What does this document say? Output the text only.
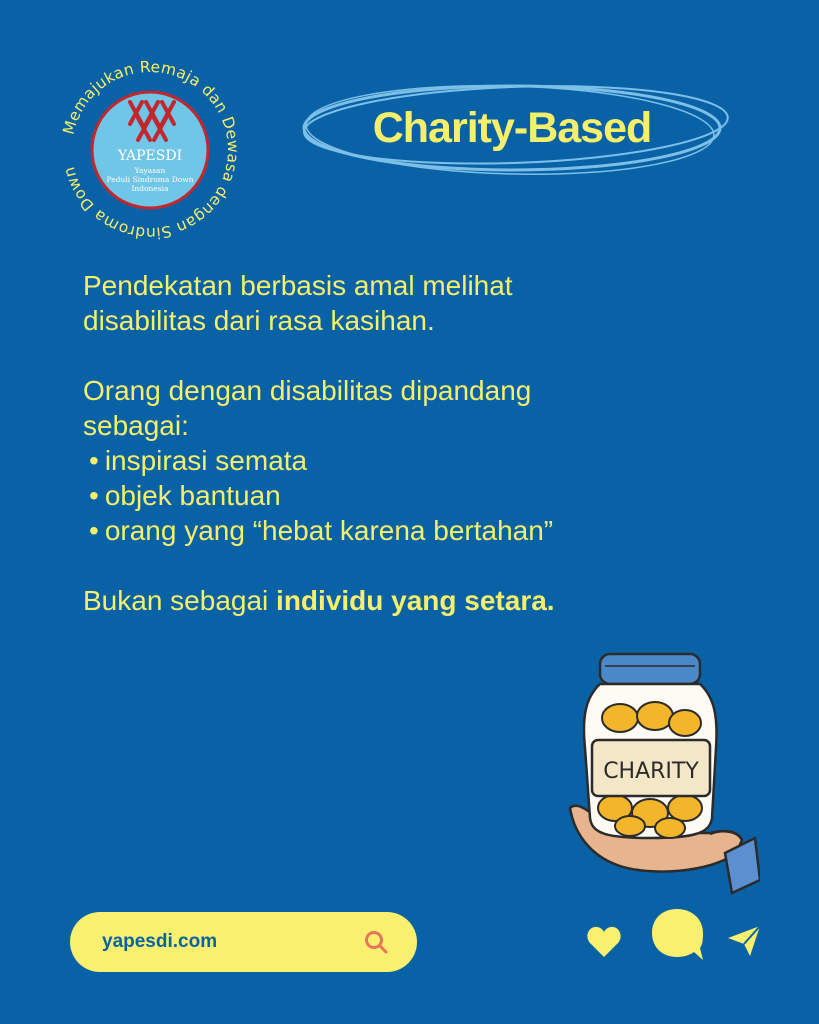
Memajukan Remaja dan De sa dengan Sindroma Down
YAPESDI
Yayasan
Peduli Sindroma Down
Indonesia
Charity-Based

Pendekatan berbasis amal melihat
disabilitas dari rasa kasihan.

Orang dengan disabilitas dipandang
sebagai:

• inspirasi semata
• objek bantuan
• orang yang “hebat karena bertahan”

Bukan sebagai individu yang setara.

CHARITY
yapesdi.com
